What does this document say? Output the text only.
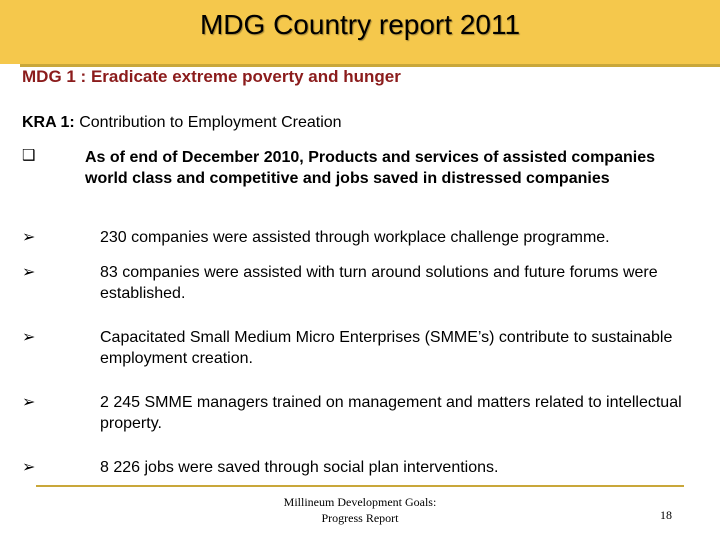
MDG Country report 2011
MDG 1 : Eradicate extreme poverty and hunger
KRA 1: Contribution to Employment Creation
❑	As of end of December 2010, Products and services of assisted companies world class and competitive and jobs saved in distressed companies
➢	230 companies were assisted through workplace challenge programme.
➢	83 companies were assisted with turn around solutions and future forums were established.
➢	Capacitated Small Medium Micro Enterprises (SMME’s) contribute to sustainable employment creation.
➢	2 245 SMME managers trained on management and matters related to intellectual property.
➢	8 226 jobs were saved through social plan interventions.
Millineum Development Goals:
Progress Report	18
